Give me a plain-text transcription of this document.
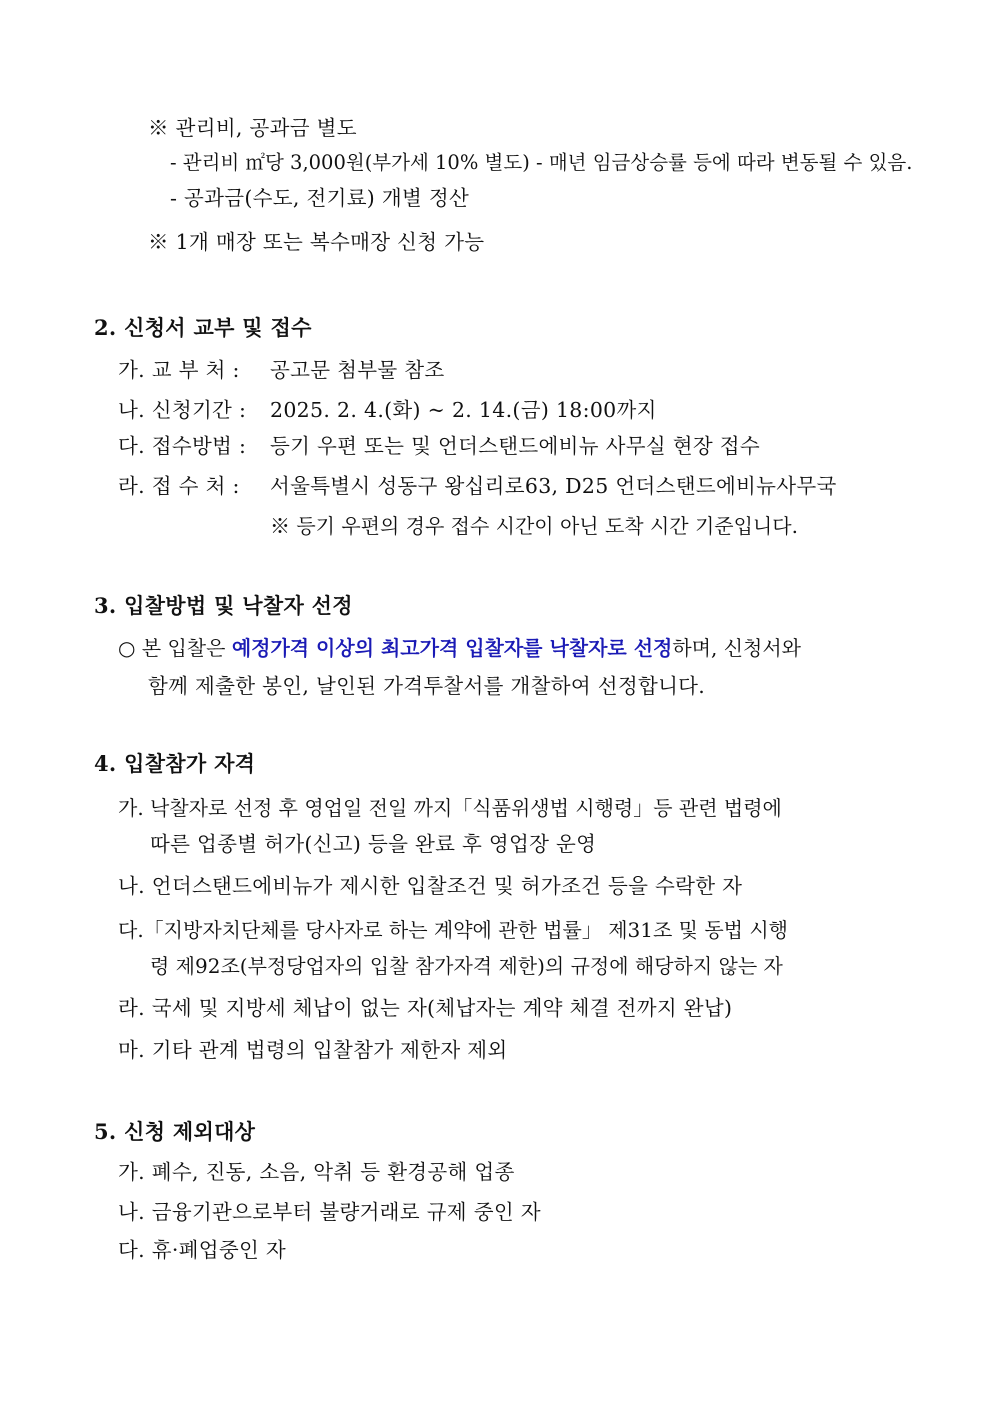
※ 관리비, 공과금 별도
- 관리비 ㎡당 3,000원(부가세 10% 별도) - 매년 임금상승률 등에 따라 변동될 수 있음.
- 공과금(수도, 전기료) 개별 정산
※ 1개 매장 또는 복수매장 신청 가능
2. 신청서 교부 및 접수
가. 교 부 처 : 공고문 첨부물 참조
나. 신청기간 : 2025. 2. 4.(화) ~ 2. 14.(금) 18:00까지
다. 접수방법 : 등기 우편 또는 및 언더스탠드에비뉴 사무실 현장 접수
라. 접 수 처 : 서울특별시 성동구 왕십리로63, D25 언더스탠드에비뉴사무국
※ 등기 우편의 경우 접수 시간이 아닌 도착 시간 기준입니다.
3. 입찰방법 및 낙찰자 선정
○ 본 입찰은 예정가격 이상의 최고가격 입찰자를 낙찰자로 선정하며, 신청서와
함께 제출한 봉인, 날인된 가격투찰서를 개찰하여 선정합니다.
4. 입찰참가 자격
가. 낙찰자로 선정 후 영업일 전일 까지「식품위생법 시행령」등 관련 법령에
따른 업종별 허가(신고) 등을 완료 후 영업장 운영
나. 언더스탠드에비뉴가 제시한 입찰조건 및 허가조건 등을 수락한 자
다.「지방자치단체를 당사자로 하는 계약에 관한 법률」 제31조 및 동법 시행
령 제92조(부정당업자의 입찰 참가자격 제한)의 규정에 해당하지 않는 자
라. 국세 및 지방세 체납이 없는 자(체납자는 계약 체결 전까지 완납)
마. 기타 관계 법령의 입찰참가 제한자 제외
5. 신청 제외대상
가. 폐수, 진동, 소음, 악취 등 환경공해 업종
나. 금융기관으로부터 불량거래로 규제 중인 자
다. 휴·폐업중인 자
